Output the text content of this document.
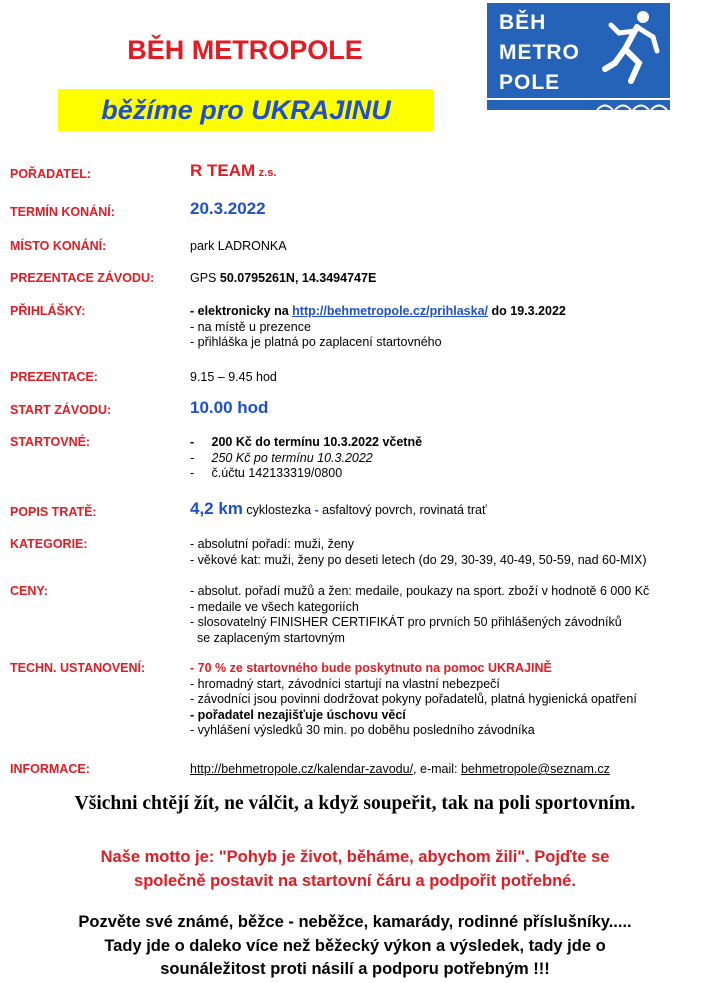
BĚH METROPOLE
běžíme pro UKRAJINU
BĚH
METRO
POLE
POŘADATEL:	R TEAM z.s.
TERMÍN KONÁNÍ:	20.3.2022
MÍSTO KONÁNÍ:	park LADRONKA
PREZENTACE ZÁVODU:	GPS 50.0795261N, 14.3494747E
PŘIHLÁŠKY:	- elektronicky na http://behmetropole.cz/prihlaska/ do 19.3.2022
- na místě u prezence
- přihláška je platná po zaplacení startovného
PREZENTACE:	9.15 – 9.45 hod
START ZÁVODU:	10.00 hod
STARTOVNÉ:	-     200 Kč do termínu 10.3.2022 včetně
-     250 Kč po termínu 10.3.2022
-     č.účtu 142133319/0800
POPIS TRATĚ:	4,2 km cyklostezka - asfaltový povrch, rovinatá trať
KATEGORIE:	- absolutní pořadí: muži, ženy
- věkové kat: muži, ženy po deseti letech (do 29, 30-39, 40-49, 50-59, nad 60-MIX)
CENY:	- absolut. pořadí mužů a žen: medaile, poukazy na sport. zboží v hodnotě 6 000 Kč
- medaile ve všech kategoriích
- slosovatelný FINISHER CERTIFIKÁT pro prvních 50 přihlášených závodníků
se zaplaceným startovným
TECHN. USTANOVENÍ:	- 70 % ze startovného bude poskytnuto na pomoc UKRAJINĚ
- hromadný start, závodníci startují na vlastní nebezpečí
- závodníci jsou povinni dodržovat pokyny pořadatelů, platná hygienická opatření
- pořadatel nezajišťuje úschovu věcí
- vyhlášení výsledků 30 min. po doběhu posledního závodníka
INFORMACE:	http://behmetropole.cz/kalendar-zavodu/, e-mail: behmetropole@seznam.cz
Všichni chtějí žít, ne válčit, a když soupeřit, tak na poli sportovním.
Naše motto je: "Pohyb je život, běháme, abychom žili". Pojďte se
společně postavit na startovní čáru a podpořit potřebné.
Pozvěte své známé, běžce - neběžce, kamarády, rodinné příslušníky.....
Tady jde o daleko více než běžecký výkon a výsledek, tady jde o
sounáležitost proti násilí a podporu potřebným !!!
